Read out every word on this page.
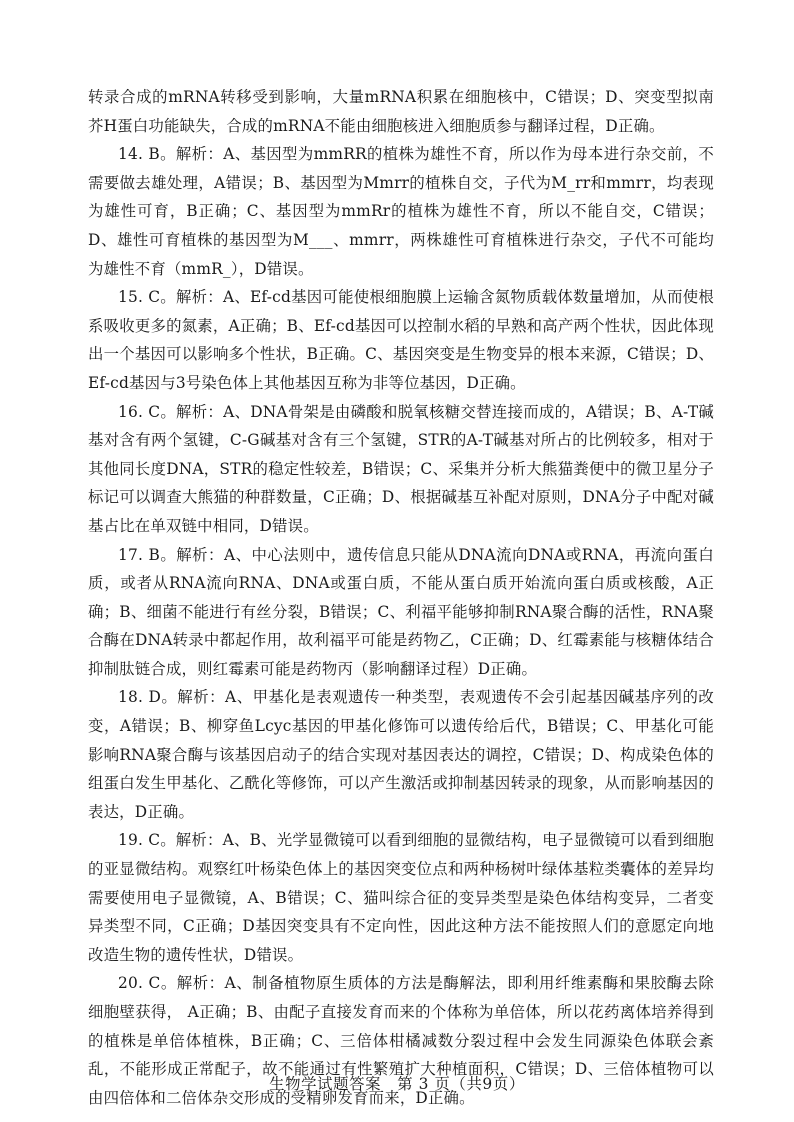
转录合成的mRNA转移受到影响，大量mRNA积累在细胞核中，C错误；D、突变型拟南芥H蛋白功能缺失，合成的mRNA不能由细胞核进入细胞质参与翻译过程，D正确。

14. B。解析：A、基因型为mmRR的植株为雄性不育，所以作为母本进行杂交前，不需要做去雄处理，A错误；B、基因型为Mmrr的植株自交，子代为M_rr和mmrr，均表现为雄性可育，B正确；C、基因型为mmRr的植株为雄性不育，所以不能自交，C错误；D、雄性可育植株的基因型为M___、mmrr，两株雄性可育植株进行杂交，子代不可能均为雄性不育（mmR_），D错误。

15. C。解析：A、Ef-cd基因可能使根细胞膜上运输含氮物质载体数量增加，从而使根系吸收更多的氮素，A正确；B、Ef-cd基因可以控制水稻的早熟和高产两个性状，因此体现出一个基因可以影响多个性状，B正确。C、基因突变是生物变异的根本来源，C错误；D、Ef-cd基因与3号染色体上其他基因互称为非等位基因，D正确。

16. C。解析：A、DNA骨架是由磷酸和脱氧核糖交替连接而成的，A错误；B、A-T碱基对含有两个氢键，C-G碱基对含有三个氢键，STR的A-T碱基对所占的比例较多，相对于其他同长度DNA，STR的稳定性较差，B错误；C、采集并分析大熊猫粪便中的微卫星分子标记可以调查大熊猫的种群数量，C正确；D、根据碱基互补配对原则，DNA分子中配对碱基占比在单双链中相同，D错误。

17. B。解析：A、中心法则中，遗传信息只能从DNA流向DNA或RNA，再流向蛋白质，或者从RNA流向RNA、DNA或蛋白质，不能从蛋白质开始流向蛋白质或核酸，A正确；B、细菌不能进行有丝分裂，B错误；C、利福平能够抑制RNA聚合酶的活性，RNA聚合酶在DNA转录中都起作用，故利福平可能是药物乙，C正确；D、红霉素能与核糖体结合抑制肽链合成，则红霉素可能是药物丙（影响翻译过程）D正确。

18. D。解析：A、甲基化是表观遗传一种类型，表观遗传不会引起基因碱基序列的改变，A错误；B、柳穿鱼Lcyc基因的甲基化修饰可以遗传给后代，B错误；C、甲基化可能影响RNA聚合酶与该基因启动子的结合实现对基因表达的调控，C错误；D、构成染色体的组蛋白发生甲基化、乙酰化等修饰，可以产生激活或抑制基因转录的现象，从而影响基因的表达，D正确。

19. C。解析：A、B、光学显微镜可以看到细胞的显微结构，电子显微镜可以看到细胞的亚显微结构。观察红叶杨染色体上的基因突变位点和两种杨树叶绿体基粒类囊体的差异均需要使用电子显微镜，A、B错误；C、猫叫综合征的变异类型是染色体结构变异，二者变异类型不同，C正确；D基因突变具有不定向性，因此这种方法不能按照人们的意愿定向地改造生物的遗传性状，D错误。

20. C。解析：A、制备植物原生质体的方法是酶解法，即利用纤维素酶和果胶酶去除细胞壁获得， A正确；B、由配子直接发育而来的个体称为单倍体，所以花药离体培养得到的植株是单倍体植株，B正确；C、三倍体柑橘减数分裂过程中会发生同源染色体联会紊乱，不能形成正常配子，故不能通过有性繁殖扩大种植面积，C错误；D、三倍体植物可以由四倍体和二倍体杂交形成的受精卵发育而来，D正确。

生物学试题答案　第 3 页（共9页）
